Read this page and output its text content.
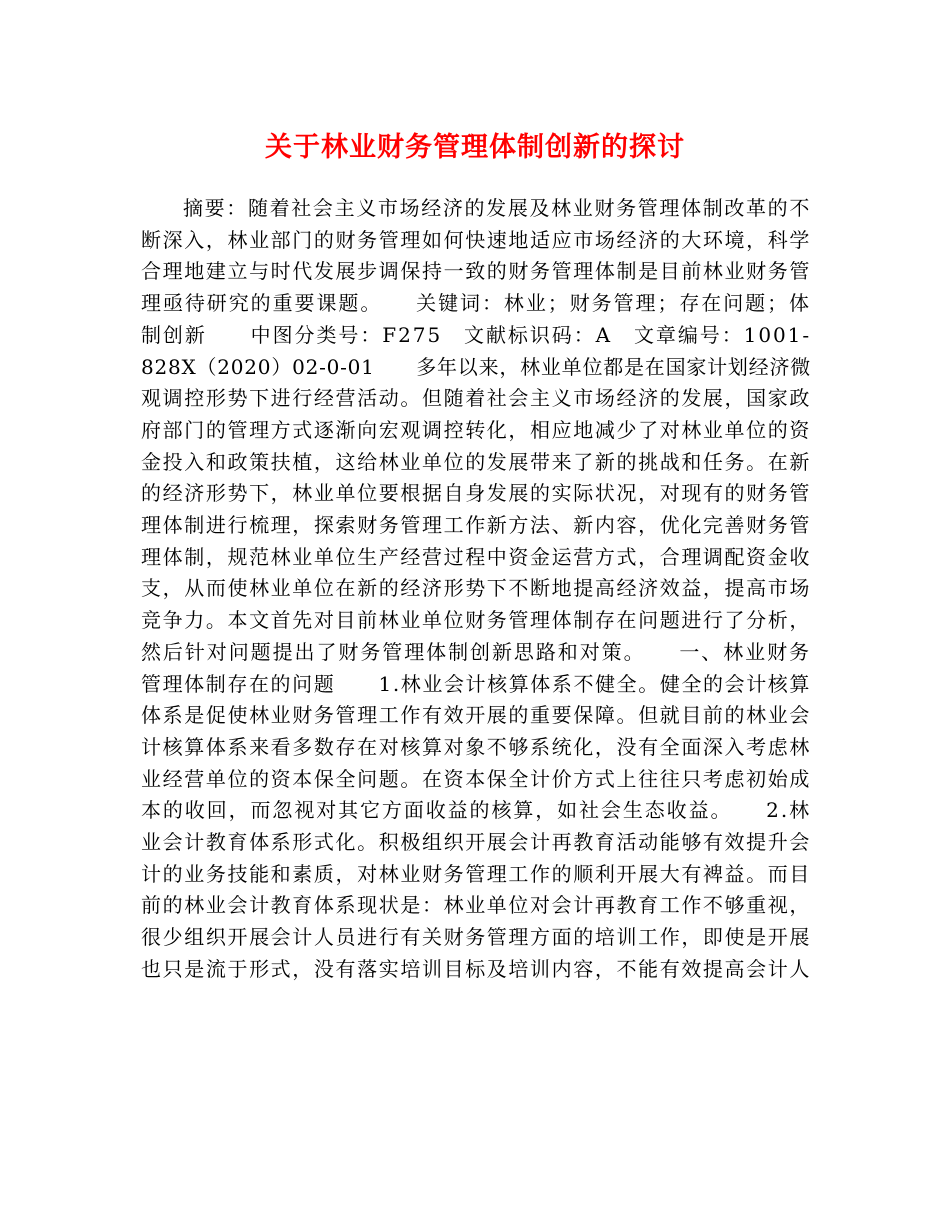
关于林业财务管理体制创新的探讨
摘要：随着社会主义市场经济的发展及林业财务管理体制改革的不
断深入，林业部门的财务管理如何快速地适应市场经济的大环境，科学
合理地建立与时代发展步调保持一致的财务管理体制是目前林业财务管
理亟待研究的重要课题。　　关键词：林业；财务管理；存在问题；体
制创新　　中图分类号：F275　文献标识码：A　文章编号：1001-
828X（2020）02-0-01　　多年以来，林业单位都是在国家计划经济微
观调控形势下进行经营活动。但随着社会主义市场经济的发展，国家政
府部门的管理方式逐渐向宏观调控转化，相应地减少了对林业单位的资
金投入和政策扶植，这给林业单位的发展带来了新的挑战和任务。在新
的经济形势下，林业单位要根据自身发展的实际状况，对现有的财务管
理体制进行梳理，探索财务管理工作新方法、新内容，优化完善财务管
理体制，规范林业单位生产经营过程中资金运营方式，合理调配资金收
支，从而使林业单位在新的经济形势下不断地提高经济效益，提高市场
竞争力。本文首先对目前林业单位财务管理体制存在问题进行了分析，
然后针对问题提出了财务管理体制创新思路和对策。　　一、林业财务
管理体制存在的问题　　1.林业会计核算体系不健全。健全的会计核算
体系是促使林业财务管理工作有效开展的重要保障。但就目前的林业会
计核算体系来看多数存在对核算对象不够系统化，没有全面深入考虑林
业经营单位的资本保全问题。在资本保全计价方式上往往只考虑初始成
本的收回，而忽视对其它方面收益的核算，如社会生态收益。　　2.林
业会计教育体系形式化。积极组织开展会计再教育活动能够有效提升会
计的业务技能和素质，对林业财务管理工作的顺利开展大有裨益。而目
前的林业会计教育体系现状是：林业单位对会计再教育工作不够重视，
很少组织开展会计人员进行有关财务管理方面的培训工作，即使是开展
也只是流于形式，没有落实培训目标及培训内容，不能有效提高会计人
